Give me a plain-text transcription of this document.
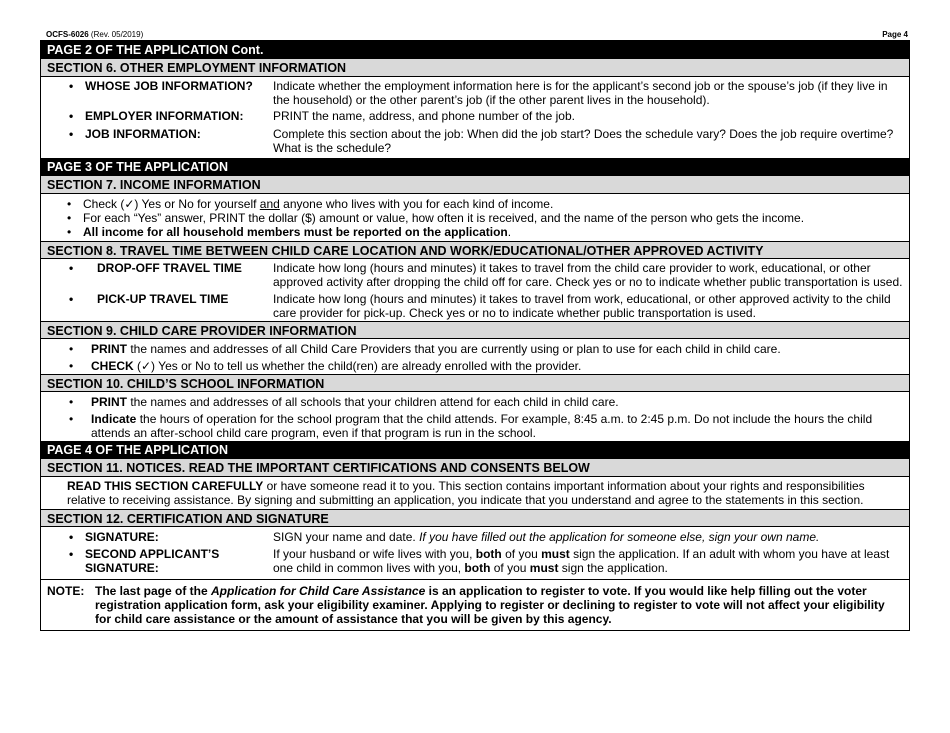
OCFS-6026 (Rev. 05/2019)	Page 4
PAGE 2 OF THE APPLICATION Cont.
SECTION 6. OTHER EMPLOYMENT INFORMATION
• WHOSE JOB INFORMATION? Indicate whether the employment information here is for the applicant’s second job or the spouse’s job (if they live in the household) or the other parent’s job (if the other parent lives in the household).
• EMPLOYER INFORMATION: PRINT the name, address, and phone number of the job.
• JOB INFORMATION:	Complete this section about the job: When did the job start? Does the schedule vary? Does the job require overtime? What is the schedule?
PAGE 3 OF THE APPLICATION
SECTION 7. INCOME INFORMATION
• Check (✓) Yes or No for yourself and anyone who lives with you for each kind of income.
• For each “Yes” answer, PRINT the dollar ($) amount or value, how often it is received, and the name of the person who gets the income.
• All income for all household members must be reported on the application.
SECTION 8. TRAVEL TIME BETWEEN CHILD CARE LOCATION AND WORK/EDUCATIONAL/OTHER APPROVED ACTIVITY
•	DROP-OFF TRAVEL TIME	Indicate how long (hours and minutes) it takes to travel from the child care provider to work, educational, or other approved activity after dropping the child off for care. Check yes or no to indicate whether public transportation is used.
•	PICK-UP TRAVEL TIME	Indicate how long (hours and minutes) it takes to travel from work, educational, or other approved activity to the child care provider for pick-up. Check yes or no to indicate whether public transportation is used.
SECTION 9. CHILD CARE PROVIDER INFORMATION
•	PRINT the names and addresses of all Child Care Providers that you are currently using or plan to use for each child in child care.
•	CHECK (✓) Yes or No to tell us whether the child(ren) are already enrolled with the provider.
SECTION 10. CHILD’S SCHOOL INFORMATION
•	PRINT the names and addresses of all schools that your children attend for each child in child care.
•	Indicate the hours of operation for the school program that the child attends. For example, 8:45 a.m. to 2:45 p.m. Do not include the hours the child attends an after-school child care program, even if that program is run in the school.
PAGE 4 OF THE APPLICATION
SECTION 11. NOTICES. READ THE IMPORTANT CERTIFICATIONS AND CONSENTS BELOW
READ THIS SECTION CAREFULLY or have someone read it to you. This section contains important information about your rights and responsibilities relative to receiving assistance. By signing and submitting an application, you indicate that you understand and agree to the statements in this section.
SECTION 12. CERTIFICATION AND SIGNATURE
• SIGNATURE:	SIGN your name and date. If you have filled out the application for someone else, sign your own name.
• SECOND APPLICANT’S
SIGNATURE:
If your husband or wife lives with you, both of you must sign the application. If an adult with whom you have at least one child in common lives with you, both of you must sign the application.
NOTE: The last page of the Application for Child Care Assistance is an application to register to vote. If you would like help filling out the voter registration application form, ask your eligibility examiner. Applying to register or declining to register to vote will not affect your eligibility for child care assistance or the amount of assistance that you will be given by this agency.
